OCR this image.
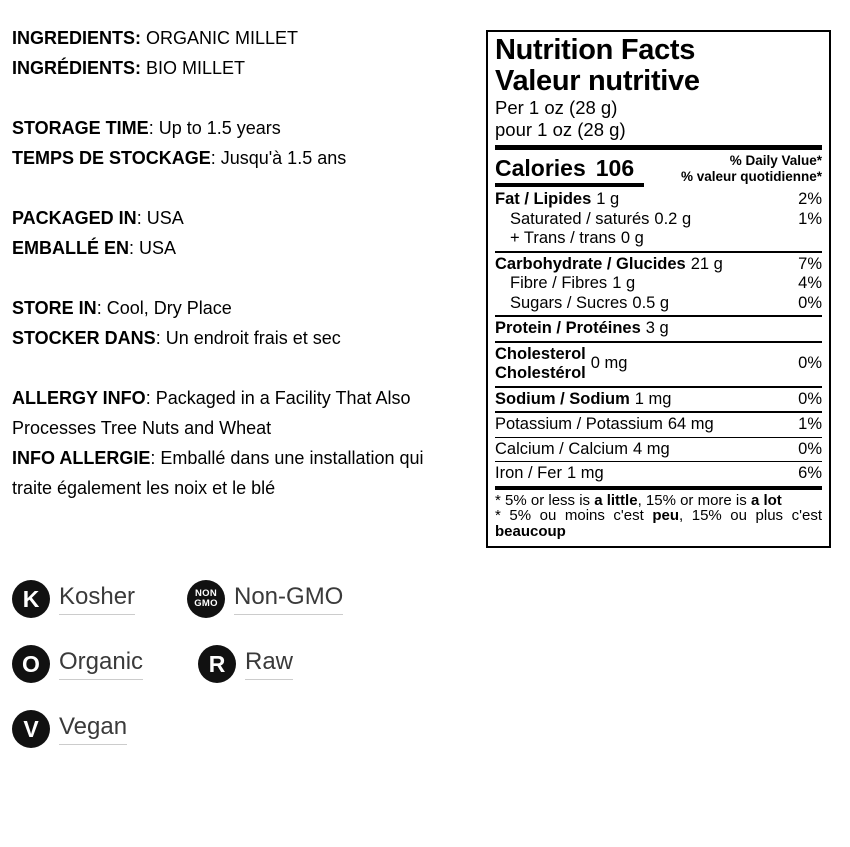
INGREDIENTS: ORGANIC MILLET

INGRÉDIENTS: BIO MILLET

STORAGE TIME: Up to 1.5 years

TEMPS DE STOCKAGE: Jusqu'à 1.5 ans

PACKAGED IN: USA

EMBALLÉ EN: USA

STORE IN: Cool, Dry Place

STOCKER DANS: Un endroit frais et sec

ALLERGY INFO: Packaged in a Facility That Also Processes Tree Nuts and Wheat

INFO ALLERGIE: Emballé dans une installation qui traite également les noix et le blé

Nutrition Facts
Valeur nutritive
Per 1 oz (28 g)
pour 1 oz (28 g)
Calories 106	% Daily Value*
% valeur quotidienne*
Fat / Lipides 1 g	2%
Saturated / saturés 0.2 g	1%
+ Trans / trans 0 g
Carbohydrate / Glucides 21 g	7%
Fibre / Fibres 1 g	4%
Sugars / Sucres 0.5 g	0%
Protein / Protéines 3 g
Cholesterol
Cholestérol
0 mg	0%
Sodium / Sodium 1 mg	0%
Potassium / Potassium 64 mg	1%
Calcium / Calcium 4 mg	0%
Iron / Fer 1 mg	6%
* 5% or less is a little, 15% or more is a lot
* 5% ou moins c'est peu, 15% ou plus c'est beaucoup
K Kosher	NON
GMO Non-GMO
O Organic	R Raw
V Vegan
